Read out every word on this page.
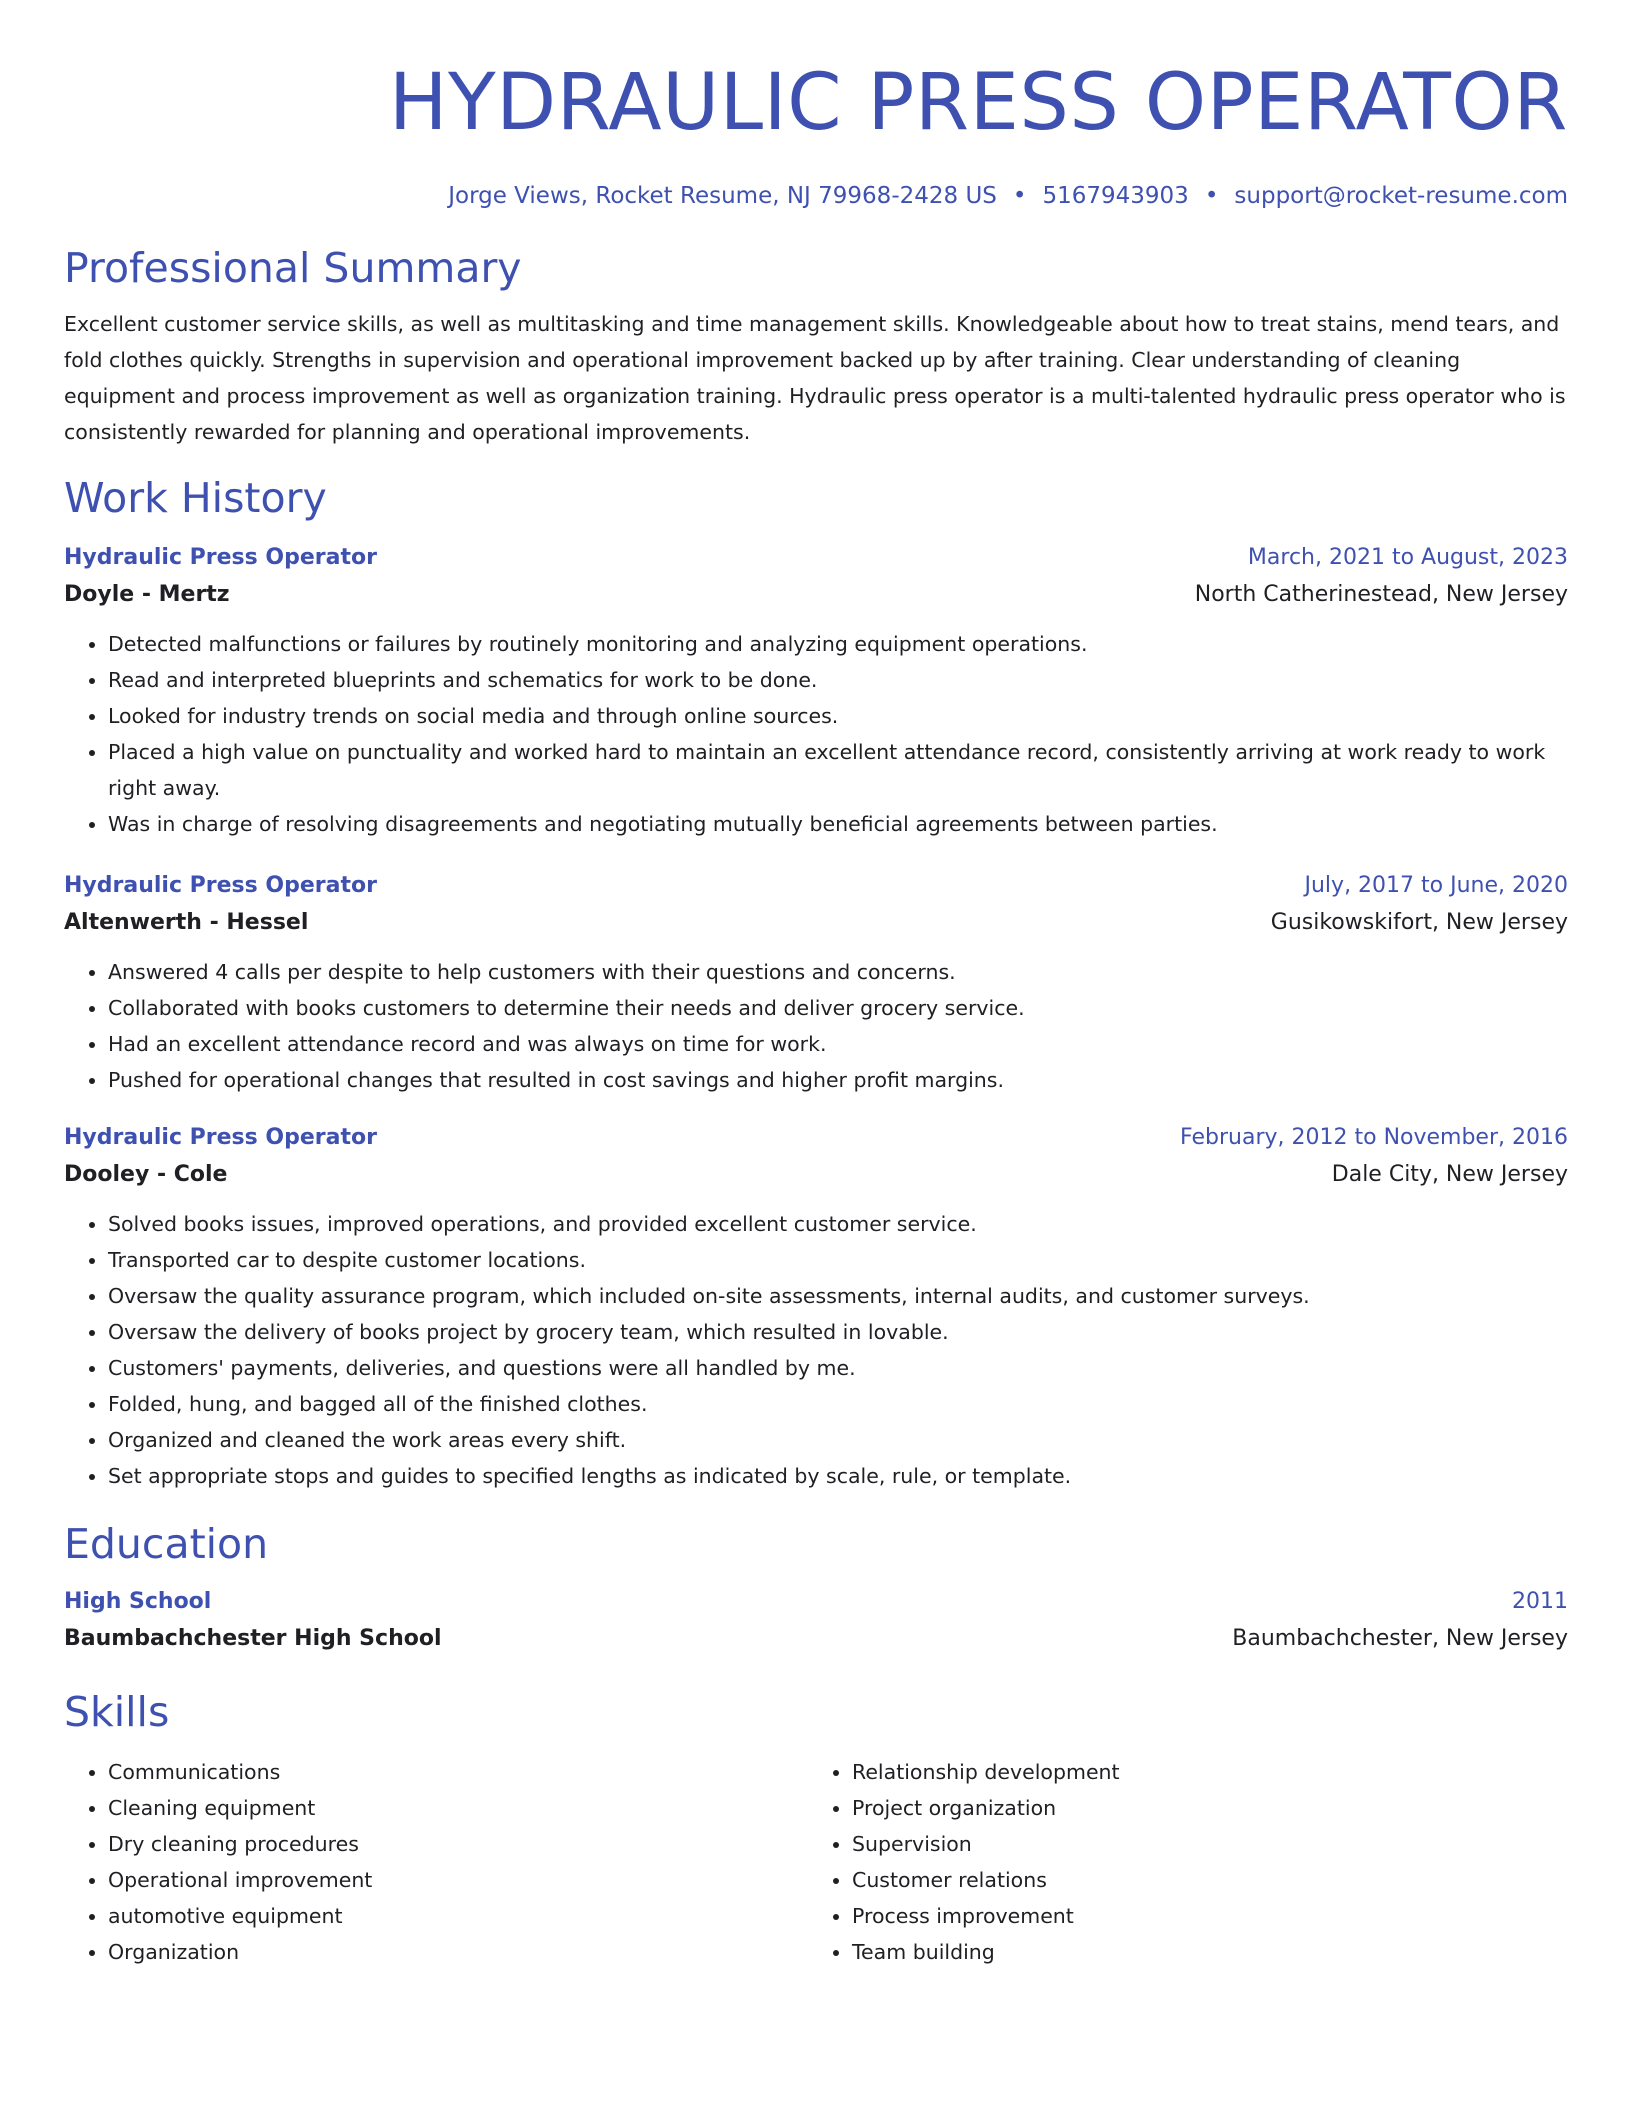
HYDRAULIC PRESS OPERATOR
Jorge Views, Rocket Resume, NJ 79968-2428 US • 5167943903 • support@rocket-resume.com
Professional Summary
Excellent customer service skills, as well as multitasking and time management skills. Knowledgeable about how to treat stains, mend tears, and fold clothes quickly. Strengths in supervision and operational improvement backed up by after training. Clear understanding of cleaning equipment and process improvement as well as organization training. Hydraulic press operator is a multi-talented hydraulic press operator who is consistently rewarded for planning and operational improvements.
Work History
Hydraulic Press Operator	March, 2021 to August, 2023
Doyle - Mertz	North Catherinestead, New Jersey
• Detected malfunctions or failures by routinely monitoring and analyzing equipment operations.
• Read and interpreted blueprints and schematics for work to be done.
• Looked for industry trends on social media and through online sources.
• Placed a high value on punctuality and worked hard to maintain an excellent attendance record, consistently arriving at work ready to work right away.
• Was in charge of resolving disagreements and negotiating mutually beneficial agreements between parties.
Hydraulic Press Operator	July, 2017 to June, 2020
Altenwerth - Hessel	Gusikowskifort, New Jersey
• Answered 4 calls per despite to help customers with their questions and concerns.
• Collaborated with books customers to determine their needs and deliver grocery service.
• Had an excellent attendance record and was always on time for work.
• Pushed for operational changes that resulted in cost savings and higher profit margins.
Hydraulic Press Operator	February, 2012 to November, 2016
Dooley - Cole	Dale City, New Jersey
• Solved books issues, improved operations, and provided excellent customer service.
• Transported car to despite customer locations.
• Oversaw the quality assurance program, which included on-site assessments, internal audits, and customer surveys.
• Oversaw the delivery of books project by grocery team, which resulted in lovable.
• Customers' payments, deliveries, and questions were all handled by me.
• Folded, hung, and bagged all of the finished clothes.
• Organized and cleaned the work areas every shift.
• Set appropriate stops and guides to specified lengths as indicated by scale, rule, or template.
Education
High School	2011
Baumbachchester High School	Baumbachchester, New Jersey
Skills
• Communications
• Cleaning equipment
• Dry cleaning procedures
• Operational improvement
• automotive equipment
• Organization
• Relationship development
• Project organization
• Supervision
• Customer relations
• Process improvement
• Team building
